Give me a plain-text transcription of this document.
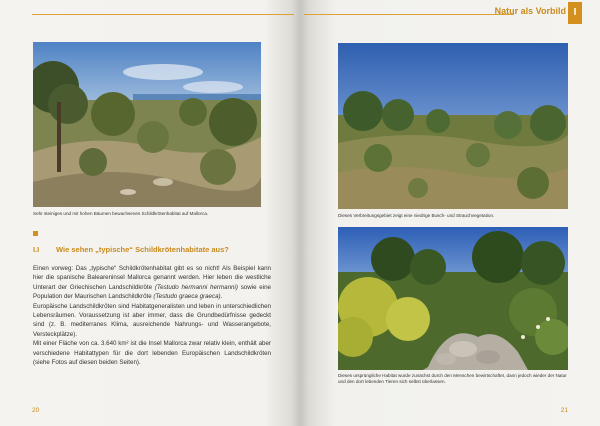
Sehr steiniges und mit hohen Bäumen bewachsenes Schildkrötenhabitat auf Mallorca.
I.I Wie sehen „typische“ Schildkrötenhabitate aus?

Einen vorweg: Das „typische“ Schildkrötenhabitat gibt es so nicht! Als Beispiel kann hier die spanische Baleareninsel Mallorca genannt werden. Hier leben die westliche Unterart der Griechischen Landschildkröte (Testudo hermanni hermanni) sowie eine Population der Maurischen Landschildkröte (Testudo graeca graeca).

Europäische Landschildkröten sind Habitatgeneralisten und leben in unterschiedlichen Lebensräumen. Voraussetzung ist aber immer, dass die Grundbedürfnisse gedeckt sind (z. B. mediterranes Klima, ausreichende Nahrungs- und Wasserangebote, Versteckplätze).

Mit einer Fläche von ca. 3.640 km² ist die Insel Mallorca zwar relativ klein, enthält aber verschiedene Habitattypen für die dort lebenden Europäischen Landschildkröten (siehe Fotos auf diesen beiden Seiten).

20
Natur als Vorbild I
Dieses Verbreitungsgebiet zeigt eine niedrige Busch- und Strauchvegetation.
Dieses ursprüngliche Habitat wurde zunächst durch den Menschen bewirtschaftet, dann jedoch wieder der Natur und den dort lebenden Tieren sich selbst überlassen.
21
